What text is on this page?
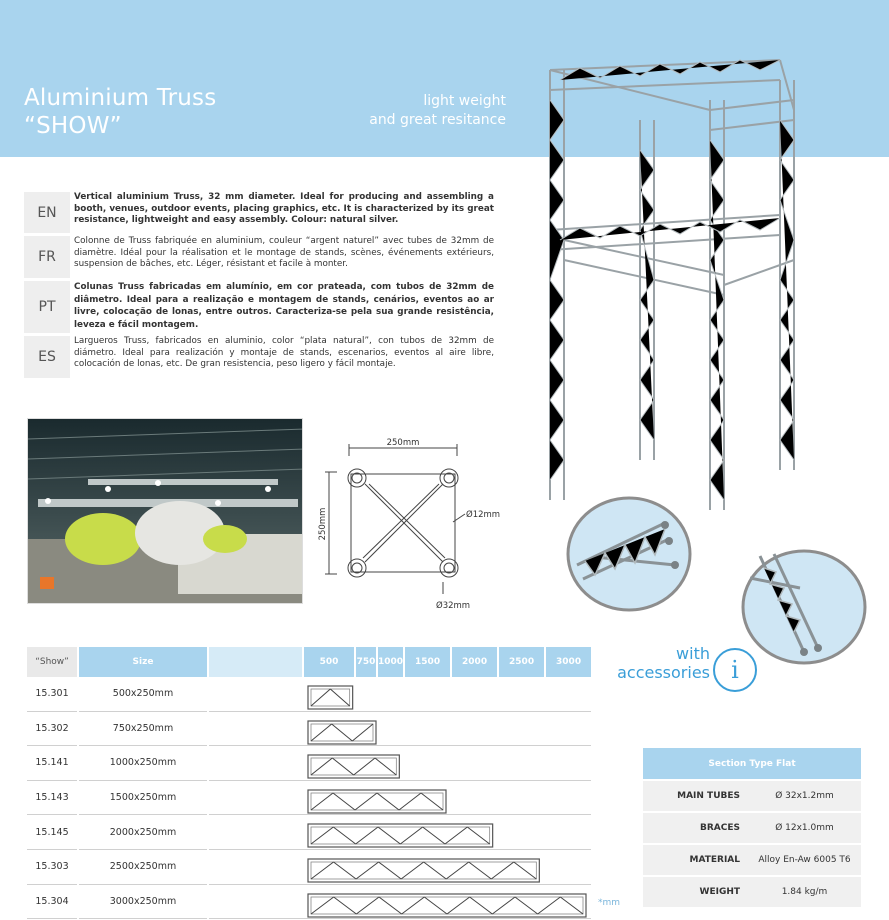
Aluminium Truss
“SHOW”
light weight
and great resitance
EN
Vertical aluminium Truss, 32 mm diameter. Ideal for producing and assembling a booth, venues, outdoor events, placing graphics, etc. It is characterized by its great resistance, lightweight and easy assembly. Colour: natural silver.
FR
Colonne de Truss fabriquée en aluminium, couleur “argent naturel” avec tubes de 32mm de diamètre. Idéal pour la réalisation et le montage de stands, scènes, événements extérieurs, suspension de bâches, etc. Léger, résistant et facile à monter.
PT
Colunas Truss fabricadas em alumínio, em cor prateada, com tubos de 32mm de diâmetro. Ideal para a realização e montagem de stands, cenários, eventos ao ar livre, colocação de lonas, entre outros. Caracteriza-se pela sua grande resistência, leveza e fácil montagem.
ES
Largueros Truss, fabricados en aluminio, color “plata natural”, con tubos de 32mm de diámetro. Ideal para realización y montaje de stands, escenarios, eventos al aire libre, colocación de lonas, etc. De gran resistencia, peso ligero y fácil montaje.
250mm
250mm	Ø12mm
Ø32mm
with
accessories i
“Show”	Size		500	750	1000	1500	2000	2500	3000
15.301	500x250mm								
15.302	750x250mm								
15.141	1000x250mm								
15.143	1500x250mm								
15.145	2000x250mm								
15.303	2500x250mm								
15.304	3000x250mm									*mm
Section Type Flat	
MAIN TUBES	Ø 32x1.2mm
BRACES	Ø 12x1.0mm
MATERIAL	Alloy En-Aw 6005 T6
WEIGHT	1.84 kg/m
